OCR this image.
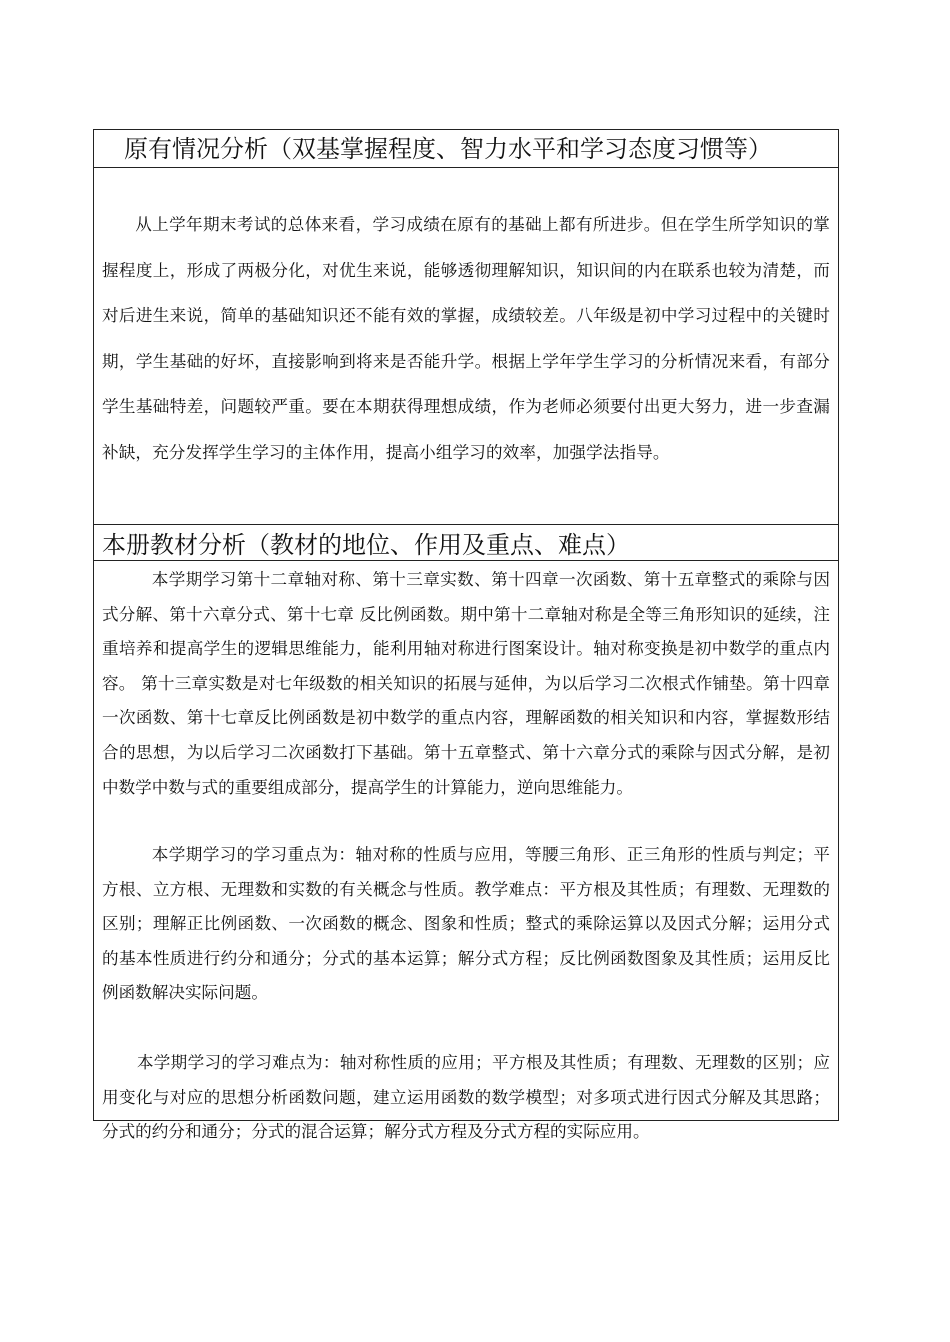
原有情况分析（双基掌握程度、智力水平和学习态度习惯等）

从上学年期末考试的总体来看，学习成绩在原有的基础上都有所进步。但在学生所学知识的掌握程度上，形成了两极分化，对优生来说，能够透彻理解知识，知识间的内在联系也较为清楚，而对后进生来说，简单的基础知识还不能有效的掌握，成绩较差。八年级是初中学习过程中的关键时期，学生基础的好坏，直接影响到将来是否能升学。根据上学年学生学习的分析情况来看，有部分学生基础特差，问题较严重。要在本期获得理想成绩，作为老师必须要付出更大努力，进一步查漏补缺，充分发挥学生学习的主体作用，提高小组学习的效率，加强学法指导。

本册教材分析（教材的地位、作用及重点、难点）

本学期学习第十二章轴对称、第十三章实数、第十四章一次函数、第十五章整式的乘除与因式分解、第十六章分式、第十七章 反比例函数。期中第十二章轴对称是全等三角形知识的延续，注重培养和提高学生的逻辑思维能力，能利用轴对称进行图案设计。轴对称变换是初中数学的重点内容。 第十三章实数是对七年级数的相关知识的拓展与延伸，为以后学习二次根式作铺垫。第十四章一次函数、第十七章反比例函数是初中数学的重点内容，理解函数的相关知识和内容，掌握数形结合的思想，为以后学习二次函数打下基础。第十五章整式、第十六章分式的乘除与因式分解，是初中数学中数与式的重要组成部分，提高学生的计算能力，逆向思维能力。

本学期学习的学习重点为：轴对称的性质与应用，等腰三角形、正三角形的性质与判定；平方根、立方根、无理数和实数的有关概念与性质。教学难点：平方根及其性质；有理数、无理数的区别；理解正比例函数、一次函数的概念、图象和性质；整式的乘除运算以及因式分解；运用分式的基本性质进行约分和通分；分式的基本运算；解分式方程；反比例函数图象及其性质；运用反比例函数解决实际问题。

本学期学习的学习难点为：轴对称性质的应用；平方根及其性质；有理数、无理数的区别；应用变化与对应的思想分析函数问题，建立运用函数的数学模型；对多项式进行因式分解及其思路；分式的约分和通分；分式的混合运算；解分式方程及分式方程的实际应用。
